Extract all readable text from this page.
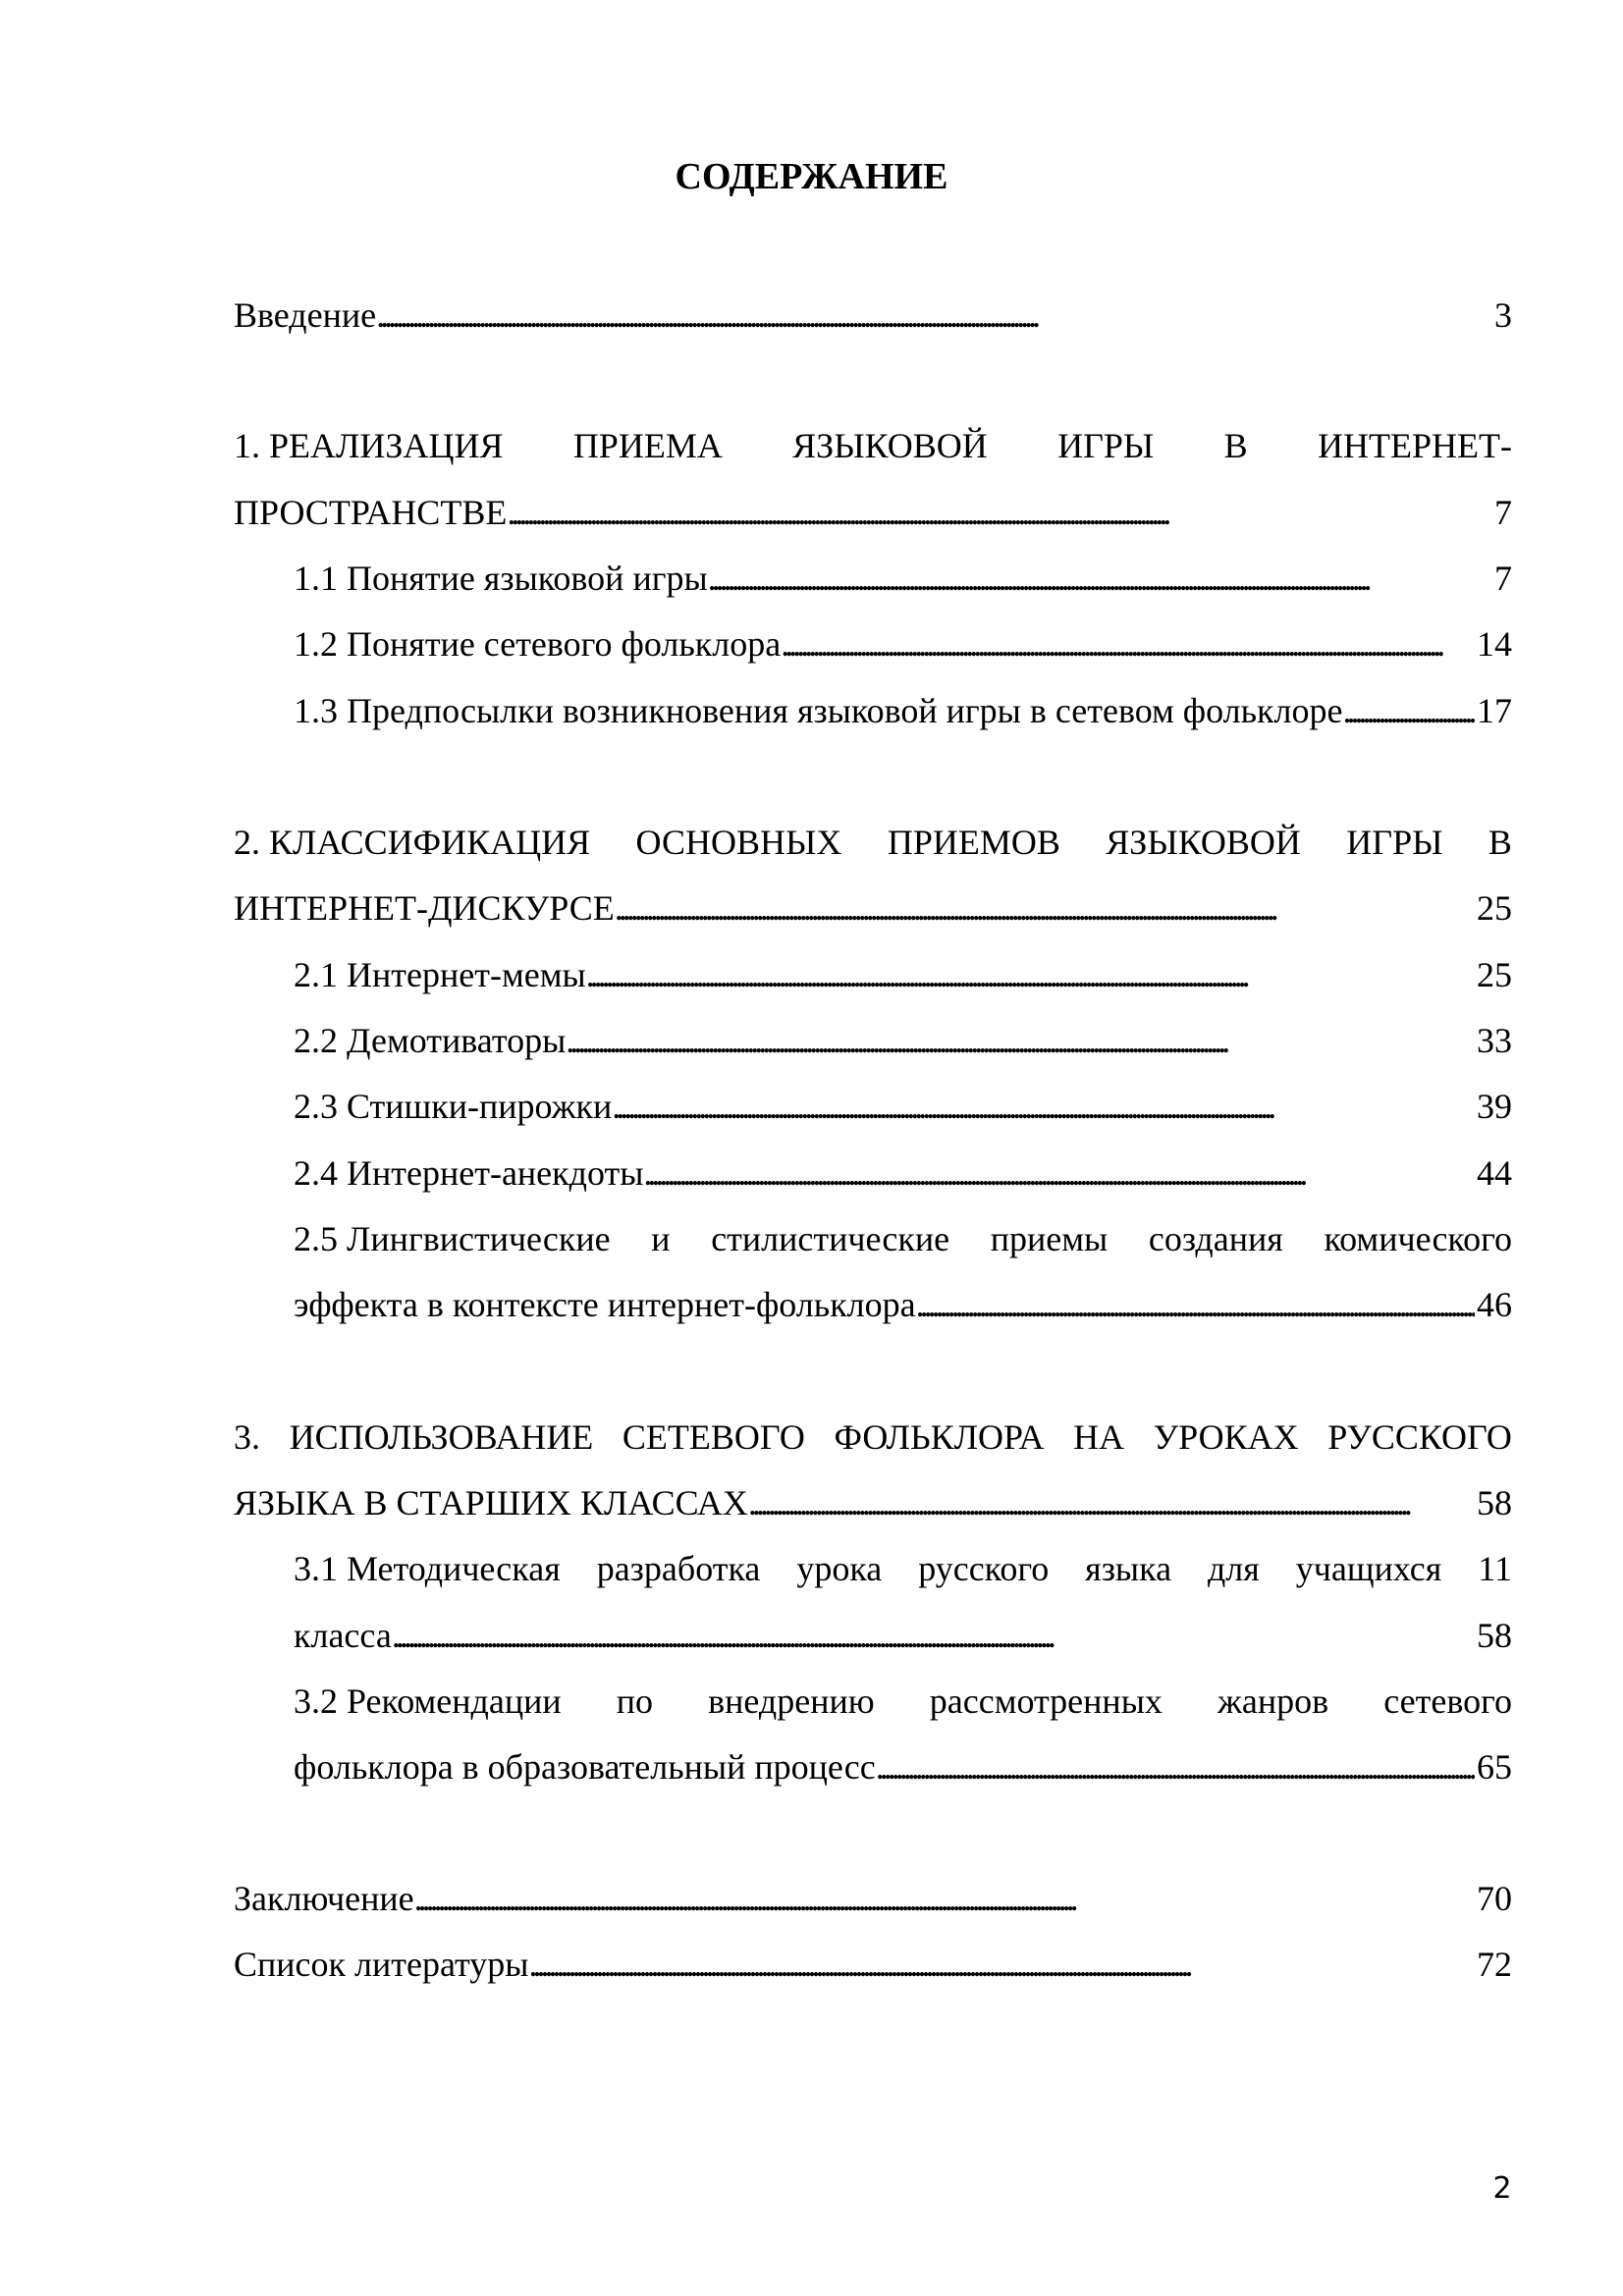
СОДЕРЖАНИЕ
Введение . . .	3
1. РЕАЛИЗАЦИЯ ПРИЕМА ЯЗЫКОВОЙ ИГРЫ В ИНТЕРНЕТ-
ПРОСТРАНСТВЕ . . .	7
1.1 Понятие языковой игры . . .	7
1.2 Понятие сетевого фольклора . . .	14
1.3 Предпосылки возникновения языковой игры в сетевом фольклоре . . .	17
2. КЛАССИФИКАЦИЯ ОСНОВНЫХ ПРИЕМОВ ЯЗЫКОВОЙ ИГРЫ В
ИНТЕРНЕТ-ДИСКУРСЕ . . .	25
2.1 Интернет-мемы . . .	25
2.2 Демотиваторы . . .	33
2.3 Стишки-пирожки . . .	39
2.4 Интернет-анекдоты . . .	44
2.5 Лингвистические и стилистические приемы создания комического
эффекта в контексте интернет-фольклора . . .	46
3. ИСПОЛЬЗОВАНИЕ СЕТЕВОГО ФОЛЬКЛОРА НА УРОКАХ РУССКОГО
ЯЗЫКА В СТАРШИХ КЛАССАХ . . .	58
3.1 Методическая разработка урока русского языка для учащихся 11
класса . . .	58
3.2 Рекомендации по внедрению рассмотренных жанров сетевого
фольклора в образовательный процесс . . .	65
Заключение . . .	70
Список литературы . . .	72
2
